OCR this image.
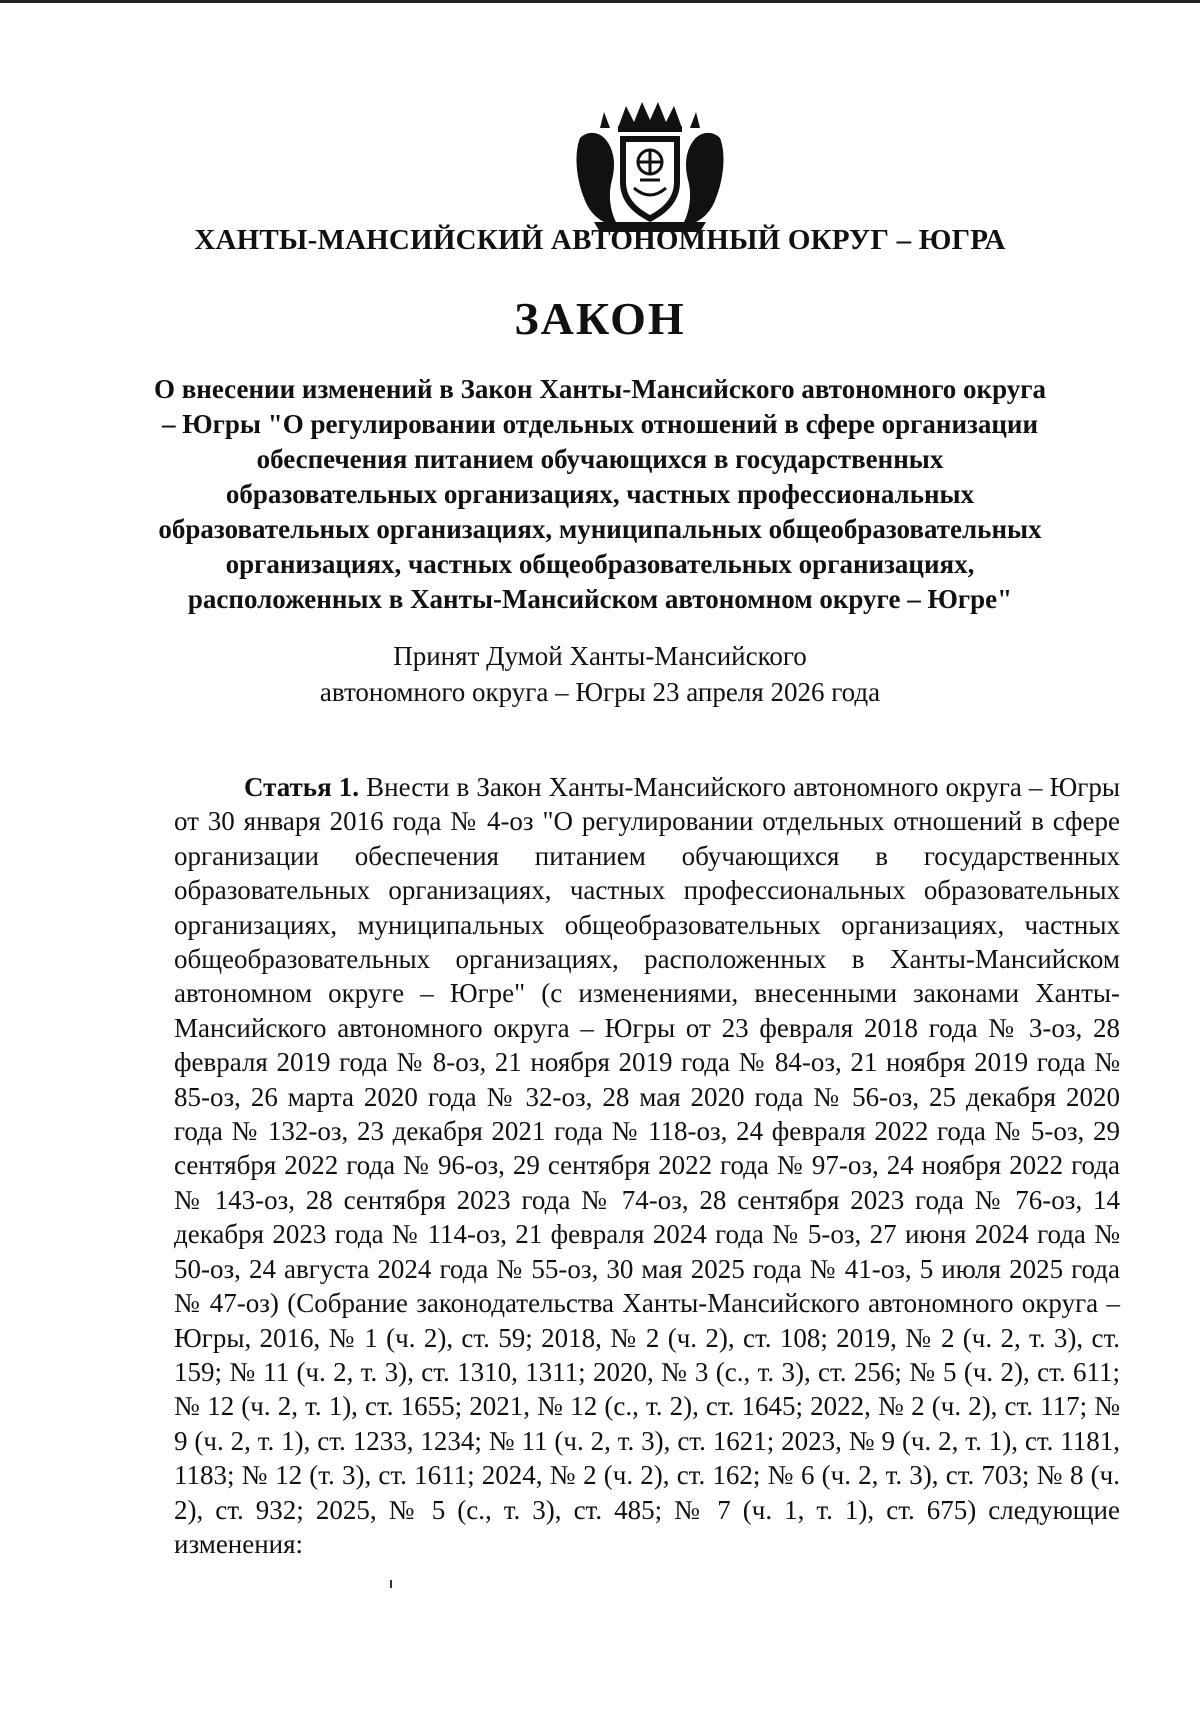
ХАНТЫ-МАНСИЙСКИЙ АВТОНОМНЫЙ ОКРУГ – ЮГРА
ЗАКОН
О внесении изменений в Закон Ханты-Мансийского автономного округа – Югры "О регулировании отдельных отношений в сфере организации обеспечения питанием обучающихся в государственных образовательных организациях, частных профессиональных образовательных организациях, муниципальных общеобразовательных организациях, частных общеобразовательных организациях, расположенных в Ханты-Мансийском автономном округе – Югре"
Принят Думой Ханты-Мансийского
автономного округа – Югры 23 апреля 2026 года
Статья 1. Внести в Закон Ханты-Мансийского автономного округа – Югры от 30 января 2016 года № 4-оз "О регулировании отдельных отношений в сфере организации обеспечения питанием обучающихся в государственных образовательных организациях, частных профессиональных образовательных организациях, муниципальных общеобразовательных организациях, частных общеобразовательных организациях, расположенных в Ханты-Мансийском автономном округе – Югре" (с изменениями, внесенными законами Ханты-Мансийского автономного округа – Югры от 23 февраля 2018 года № 3-оз, 28 февраля 2019 года № 8-оз, 21 ноября 2019 года № 84-оз, 21 ноября 2019 года № 85-оз, 26 марта 2020 года № 32-оз, 28 мая 2020 года № 56-оз, 25 декабря 2020 года № 132-оз, 23 декабря 2021 года № 118-оз, 24 февраля 2022 года № 5-оз, 29 сентября 2022 года № 96-оз, 29 сентября 2022 года № 97-оз, 24 ноября 2022 года № 143-оз, 28 сентября 2023 года № 74-оз, 28 сентября 2023 года № 76-оз, 14 декабря 2023 года № 114-оз, 21 февраля 2024 года № 5-оз, 27 июня 2024 года № 50-оз, 24 августа 2024 года № 55-оз, 30 мая 2025 года № 41-оз, 5 июля 2025 года № 47-оз) (Собрание законодательства Ханты-Мансийского автономного округа – Югры, 2016, № 1 (ч. 2), ст. 59; 2018, № 2 (ч. 2), ст. 108; 2019, № 2 (ч. 2, т. 3), ст. 159; № 11 (ч. 2, т. 3), ст. 1310, 1311; 2020, № 3 (с., т. 3), ст. 256; № 5 (ч. 2), ст. 611; № 12 (ч. 2, т. 1), ст. 1655; 2021, № 12 (с., т. 2), ст. 1645; 2022, № 2 (ч. 2), ст. 117; № 9 (ч. 2, т. 1), ст. 1233, 1234; № 11 (ч. 2, т. 3), ст. 1621; 2023, № 9 (ч. 2, т. 1), ст. 1181, 1183; № 12 (т. 3), ст. 1611; 2024, № 2 (ч. 2), ст. 162; № 6 (ч. 2, т. 3), ст. 703; № 8 (ч. 2), ст. 932; 2025, № 5 (с., т. 3), ст. 485; № 7 (ч. 1, т. 1), ст. 675) следующие изменения:
